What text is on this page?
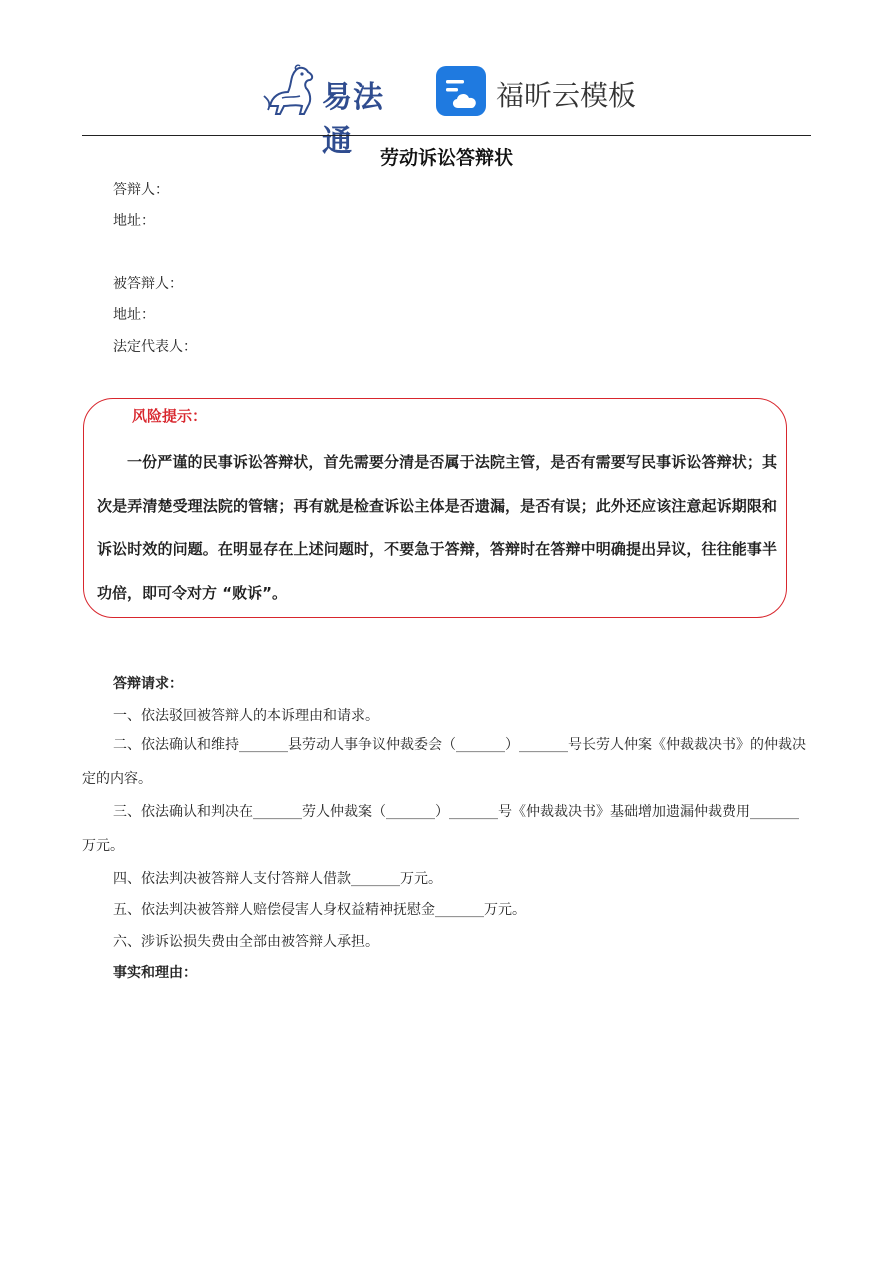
易法通
福昕云模板
劳动诉讼答辩状
答辩人：
地址：
被答辩人：
地址：
法定代表人：
风险提示：
一份严谨的民事诉讼答辩状，首先需要分清是否属于法院主管，是否有需要写民事诉讼答辩状；其次是弄清楚受理法院的管辖；再有就是检查诉讼主体是否遗漏，是否有误；此外还应该注意起诉期限和诉讼时效的问题。在明显存在上述问题时，不要急于答辩，答辩时在答辩中明确提出异议，往往能事半功倍，即可令对方 “败诉”。
答辩请求：
一、依法驳回被答辩人的本诉理由和请求。
二、依法确认和维持_______县劳动人事争议仲裁委会（_______）_______号长劳人仲案《仲裁裁决书》的仲裁决定的内容。
三、依法确认和判决在_______劳人仲裁案（_______）_______号《仲裁裁决书》基础增加遗漏仲裁费用_______万元。
四、依法判决被答辩人支付答辩人借款_______万元。
五、依法判决被答辩人赔偿侵害人身权益精神抚慰金_______万元。
六、涉诉讼损失费由全部由被答辩人承担。
事实和理由：
